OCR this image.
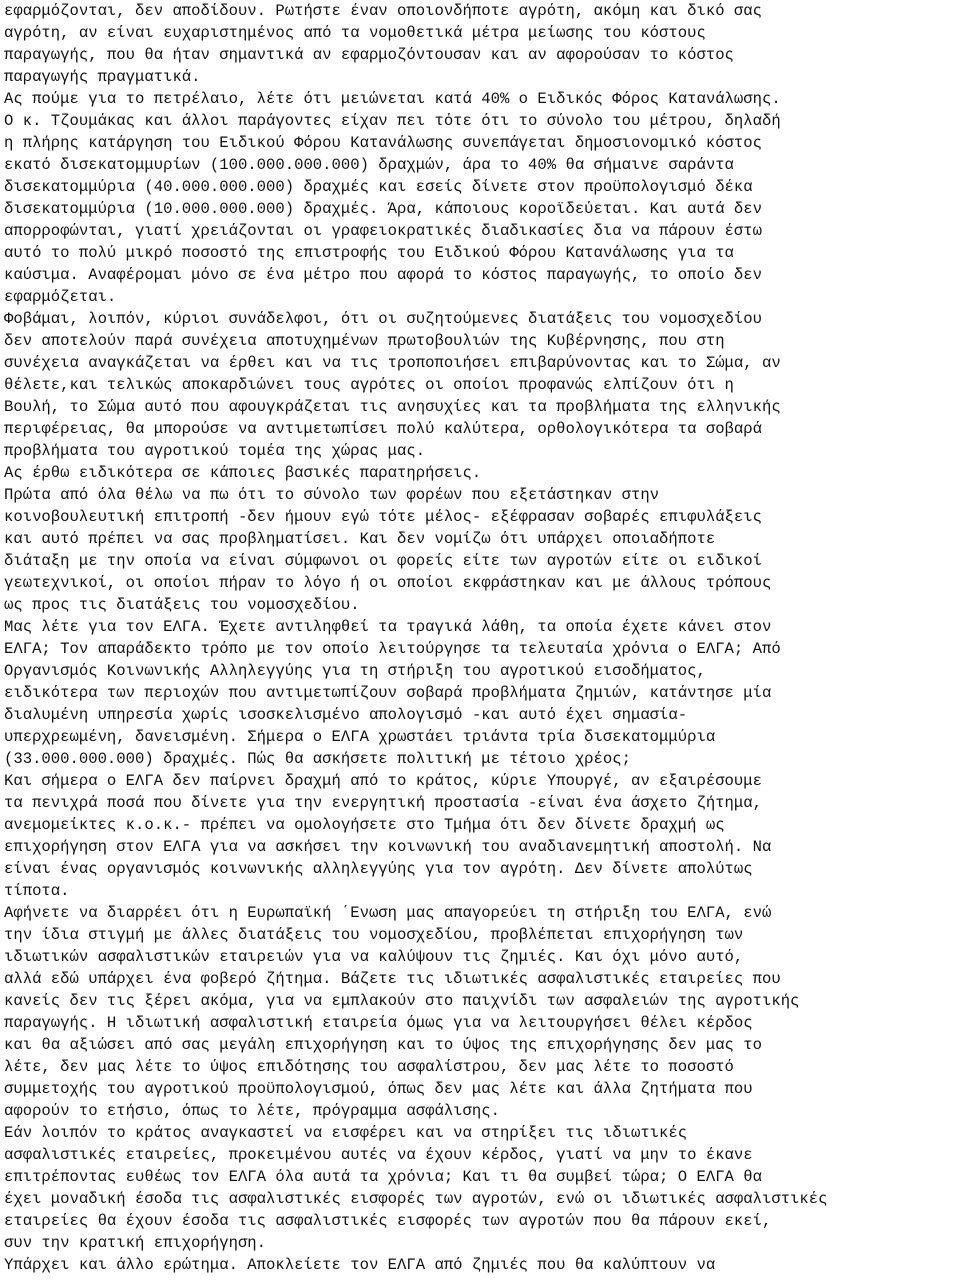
εφαρμόζονται, δεν αποδίδουν. Ρωτήστε έναν οποιονδήποτε αγρότη, ακόμη και δικό σας
αγρότη, αν είναι ευχαριστημένος από τα νομοθετικά μέτρα μείωσης του κόστους
παραγωγής, που θα ήταν σημαντικά αν εφαρμοζόντουσαν και αν αφορούσαν το κόστος
παραγωγής πραγματικά.
Ας πούμε για το πετρέλαιο, λέτε ότι μειώνεται κατά 40% ο Ειδικός Φόρος Κατανάλωσης.
Ο κ. Τζουμάκας και άλλοι παράγοντες είχαν πει τότε ότι το σύνολο του μέτρου, δηλαδή
η πλήρης κατάργηση του Ειδικού Φόρου Κατανάλωσης συνεπάγεται δημοσιονομικό κόστος
εκατό δισεκατομμυρίων (100.000.000.000) δραχμών, άρα το 40% θα σήμαινε σαράντα
δισεκατομμύρια (40.000.000.000) δραχμές και εσείς δίνετε στον προϋπολογισμό δέκα
δισεκατομμύρια (10.000.000.000) δραχμές. Άρα, κάποιους κοροϊδεύεται. Και αυτά δεν
απορροφώνται, γιατί χρειάζονται οι γραφειοκρατικές διαδικασίες δια να πάρουν έστω
αυτό το πολύ μικρό ποσοστό της επιστροφής του Ειδικού Φόρου Κατανάλωσης για τα
καύσιμα. Αναφέρομαι μόνο σε ένα μέτρο που αφορά το κόστος παραγωγής, το οποίο δεν
εφαρμόζεται.
Φοβάμαι, λοιπόν, κύριοι συνάδελφοι, ότι οι συζητούμενες διατάξεις του νομοσχεδίου
δεν αποτελούν παρά συνέχεια αποτυχημένων πρωτοβουλιών της Κυβέρνησης, που στη
συνέχεια αναγκάζεται να έρθει και να τις τροποποιήσει επιβαρύνοντας και το Σώμα, αν
θέλετε,και τελικώς αποκαρδιώνει τους αγρότες οι οποίοι προφανώς ελπίζουν ότι η
Βουλή, το Σώμα αυτό που αφουγκράζεται τις ανησυχίες και τα προβλήματα της ελληνικής
περιφέρειας, θα μπορούσε να αντιμετωπίσει πολύ καλύτερα, ορθολογικότερα τα σοβαρά
προβλήματα του αγροτικού τομέα της χώρας μας.
Ας έρθω ειδικότερα σε κάποιες βασικές παρατηρήσεις.
Πρώτα από όλα θέλω να πω ότι το σύνολο των φορέων που εξετάστηκαν στην
κοινοβουλευτική επιτροπή -δεν ήμουν εγώ τότε μέλος- εξέφρασαν σοβαρές επιφυλάξεις
και αυτό πρέπει να σας προβληματίσει. Και δεν νομίζω ότι υπάρχει οποιαδήποτε
διάταξη με την οποία να είναι σύμφωνοι οι φορείς είτε των αγροτών είτε οι ειδικοί
γεωτεχνικοί, οι οποίοι πήραν το λόγο ή οι οποίοι εκφράστηκαν και με άλλους τρόπους
ως προς τις διατάξεις του νομοσχεδίου.
Μας λέτε για τον ΕΛΓΑ. Έχετε αντιληφθεί τα τραγικά λάθη, τα οποία έχετε κάνει στον
ΕΛΓΑ; Τον απαράδεκτο τρόπο με τον οποίο λειτούργησε τα τελευταία χρόνια ο ΕΛΓΑ; Από
Οργανισμός Κοινωνικής Αλληλεγγύης για τη στήριξη του αγροτικού εισοδήματος,
ειδικότερα των περιοχών που αντιμετωπίζουν σοβαρά προβλήματα ζημιών, κατάντησε μία
διαλυμένη υπηρεσία χωρίς ισοσκελισμένο απολογισμό -και αυτό έχει σημασία-
υπερχρεωμένη, δανεισμένη. Σήμερα ο ΕΛΓΑ χρωστάει τριάντα τρία δισεκατομμύρια
(33.000.000.000) δραχμές. Πώς θα ασκήσετε πολιτική με τέτοιο χρέος;
Και σήμερα ο ΕΛΓΑ δεν παίρνει δραχμή από το κράτος, κύριε Υπουργέ, αν εξαιρέσουμε
τα πενιχρά ποσά που δίνετε για την ενεργητική προστασία -είναι ένα άσχετο ζήτημα,
ανεμομείκτες κ.ο.κ.- πρέπει να ομολογήσετε στο Τμήμα ότι δεν δίνετε δραχμή ως
επιχορήγηση στον ΕΛΓΑ για να ασκήσει την κοινωνική του αναδιανεμητική αποστολή. Να
είναι ένας οργανισμός κοινωνικής αλληλεγγύης για τον αγρότη. Δεν δίνετε απολύτως
τίποτα.
Αφήνετε να διαρρέει ότι η Ευρωπαϊκή ΄Ενωση μας απαγορεύει τη στήριξη του ΕΛΓΑ, ενώ
την ίδια στιγμή με άλλες διατάξεις του νομοσχεδίου, προβλέπεται επιχορήγηση των
ιδιωτικών ασφαλιστικών εταιρειών για να καλύψουν τις ζημιές. Και όχι μόνο αυτό,
αλλά εδώ υπάρχει ένα φοβερό ζήτημα. Βάζετε τις ιδιωτικές ασφαλιστικές εταιρείες που
κανείς δεν τις ξέρει ακόμα, για να εμπλακούν στο παιχνίδι των ασφαλειών της αγροτικής
παραγωγής. Η ιδιωτική ασφαλιστική εταιρεία όμως για να λειτουργήσει θέλει κέρδος
και θα αξιώσει από σας μεγάλη επιχορήγηση και το ύψος της επιχορήγησης δεν μας το
λέτε, δεν μας λέτε το ύψος επιδότησης του ασφαλίστρου, δεν μας λέτε το ποσοστό
συμμετοχής του αγροτικού προϋπολογισμού, όπως δεν μας λέτε και άλλα ζητήματα που
αφορούν το ετήσιο, όπως το λέτε, πρόγραμμα ασφάλισης.
Εάν λοιπόν το κράτος αναγκαστεί να εισφέρει και να στηρίξει τις ιδιωτικές
ασφαλιστικές εταιρείες, προκειμένου αυτές να έχουν κέρδος, γιατί να μην το έκανε
επιτρέποντας ευθέως τον ΕΛΓΑ όλα αυτά τα χρόνια; Και τι θα συμβεί τώρα; Ο ΕΛΓΑ θα
έχει μοναδική έσοδα τις ασφαλιστικές εισφορές των αγροτών, ενώ οι ιδιωτικές ασφαλιστικές
εταιρείες θα έχουν έσοδα τις ασφαλιστικές εισφορές των αγροτών που θα πάρουν εκεί,
συν την κρατική επιχορήγηση.
Υπάρχει και άλλο ερώτημα. Αποκλείετε τον ΕΛΓΑ από ζημιές που θα καλύπτουν να
